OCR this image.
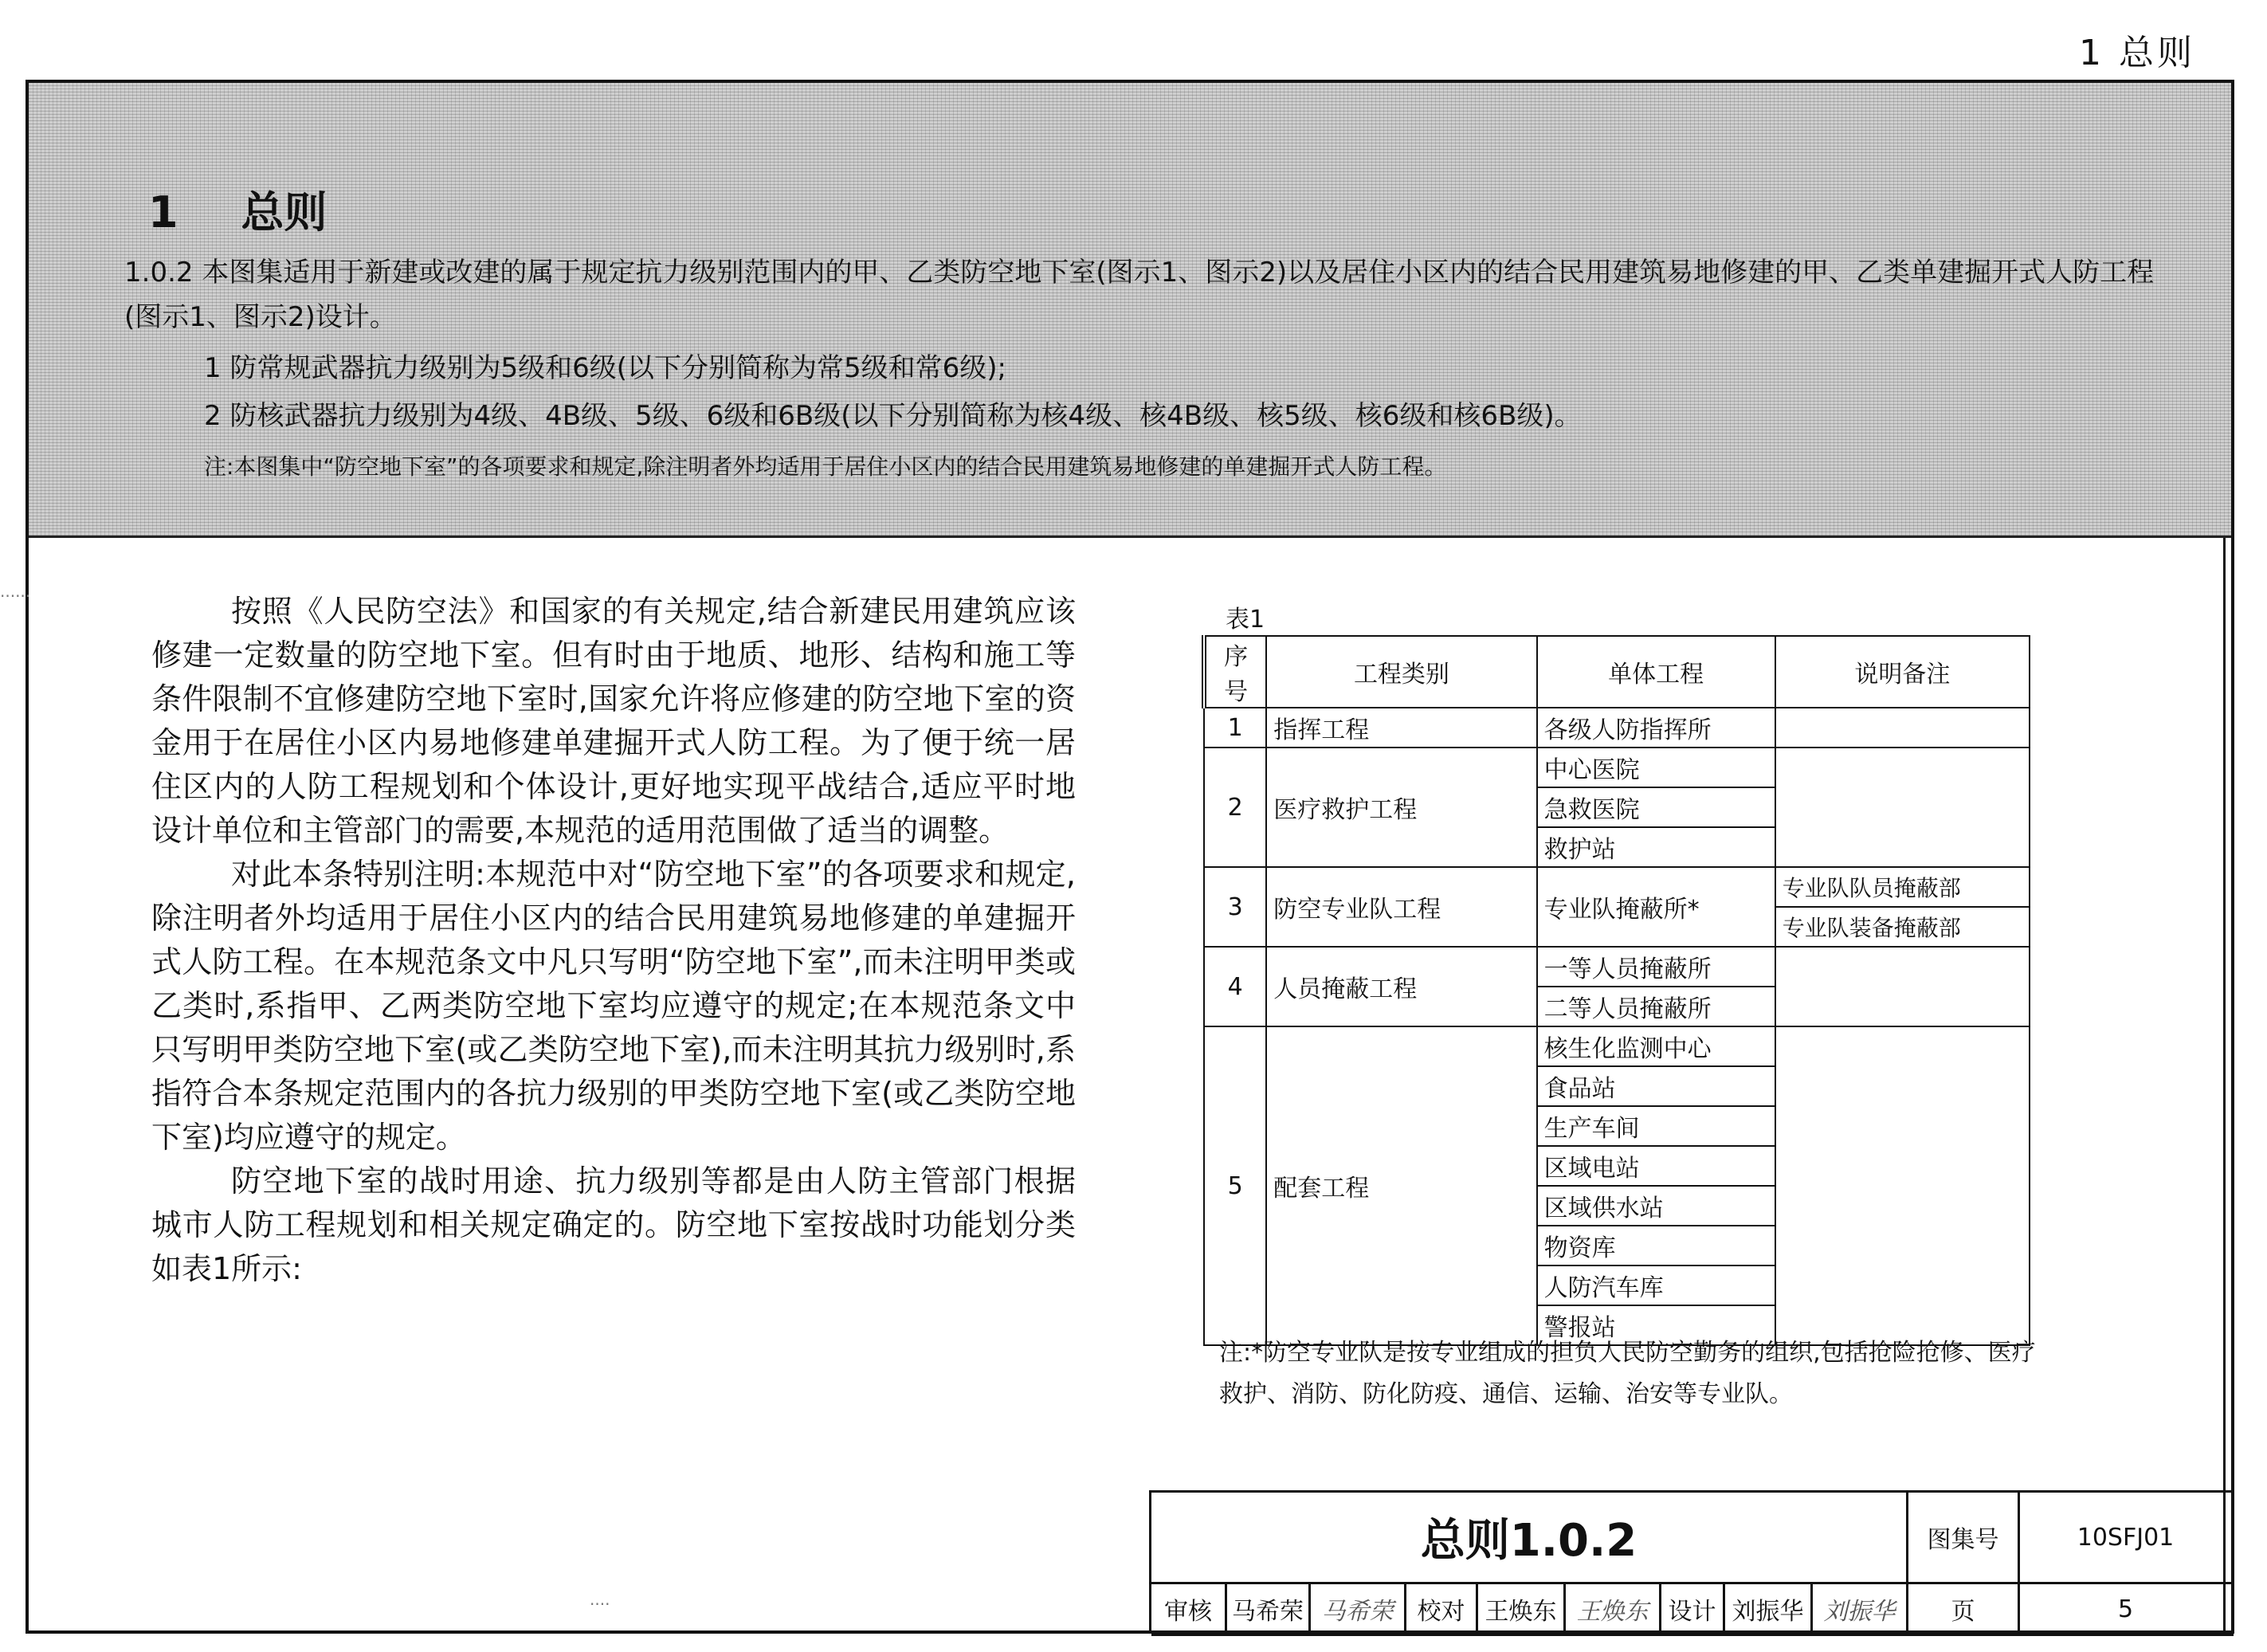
1 总则
1 总则
1.0.2 本图集适用于新建或改建的属于规定抗力级别范围内的甲、乙类防空地下室(图示1、图示2)以及居住小区内的结合民用建筑易地修建的甲、乙类单建掘开式人防工程(图示1、图示2)设计。
1 防常规武器抗力级别为5级和6级(以下分别简称为常5级和常6级);
2 防核武器抗力级别为4级、4B级、5级、6级和6B级(以下分别简称为核4级、核4B级、核5级、核6级和核6B级)。
注:本图集中“防空地下室”的各项要求和规定,除注明者外均适用于居住小区内的结合民用建筑易地修建的单建掘开式人防工程。
......

按照《人民防空法》和国家的有关规定,结合新建民用建筑应该修建一定数量的防空地下室。但有时由于地质、地形、结构和施工等条件限制不宜修建防空地下室时,国家允许将应修建的防空地下室的资金用于在居住小区内易地修建单建掘开式人防工程。为了便于统一居住区内的人防工程规划和个体设计,更好地实现平战结合,适应平时地设计单位和主管部门的需要,本规范的适用范围做了适当的调整。

对此本条特别注明:本规范中对“防空地下室”的各项要求和规定,除注明者外均适用于居住小区内的结合民用建筑易地修建的单建掘开式人防工程。在本规范条文中凡只写明“防空地下室”,而未注明甲类或乙类时,系指甲、乙两类防空地下室均应遵守的规定;在本规范条文中只写明甲类防空地下室(或乙类防空地下室),而未注明其抗力级别时,系指符合本条规定范围内的各抗力级别的甲类防空地下室(或乙类防空地下室)均应遵守的规定。

防空地下室的战时用途、抗力级别等都是由人防主管部门根据城市人防工程规划和相关规定确定的。防空地下室按战时功能划分类如表1所示:

表1
序号	工程类别	单体工程	说明备注
1	指挥工程	各级人防指挥所	
2	医疗救护工程	中心医院	
		急救医院	
		救护站	
3	防空专业队工程	专业队掩蔽所*	专业队队员掩蔽部
			专业队装备掩蔽部
4	人员掩蔽工程	一等人员掩蔽所	
		二等人员掩蔽所	
5	配套工程	核生化监测中心	
		食品站	
		生产车间	
		区域电站	
		区域供水站	
		物资库	
		人防汽车库	
		警报站	
注:*防空专业队是按专业组成的担负人民防空勤务的组织,包括抢险抢修、医疗救护、消防、防化防疫、通信、运输、治安等专业队。
总则1.0.2	图集号	10SFJ01
审核 马希荣 马希荣	校对 王焕东 王焕东 设计 刘振华 刘振华	页	5
....
